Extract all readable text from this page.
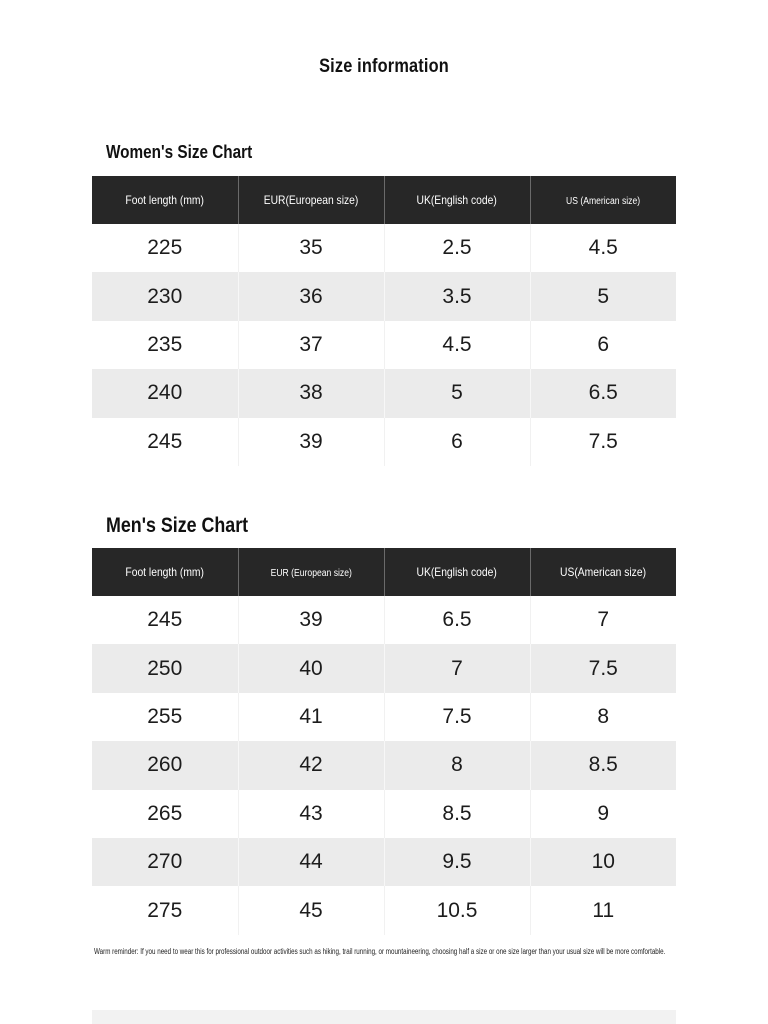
Size information
Women's Size Chart
Foot length (mm)	EUR(European size)	UK(English code)	US (American size)
225	35	2.5	4.5
230	36	3.5	5
235	37	4.5	6
240	38	5	6.5
245	39	6	7.5
Men's Size Chart
Foot length (mm)	EUR (European size)	UK(English code)	US(American size)
245	39	6.5	7
250	40	7	7.5
255	41	7.5	8
260	42	8	8.5
265	43	8.5	9
270	44	9.5	10
275	45	10.5	11
Warm reminder: If you need to wear this for professional outdoor activities such as hiking, trail running, or mountaineering, choosing half a size or one size larger than your usual size will be more comfortable.
